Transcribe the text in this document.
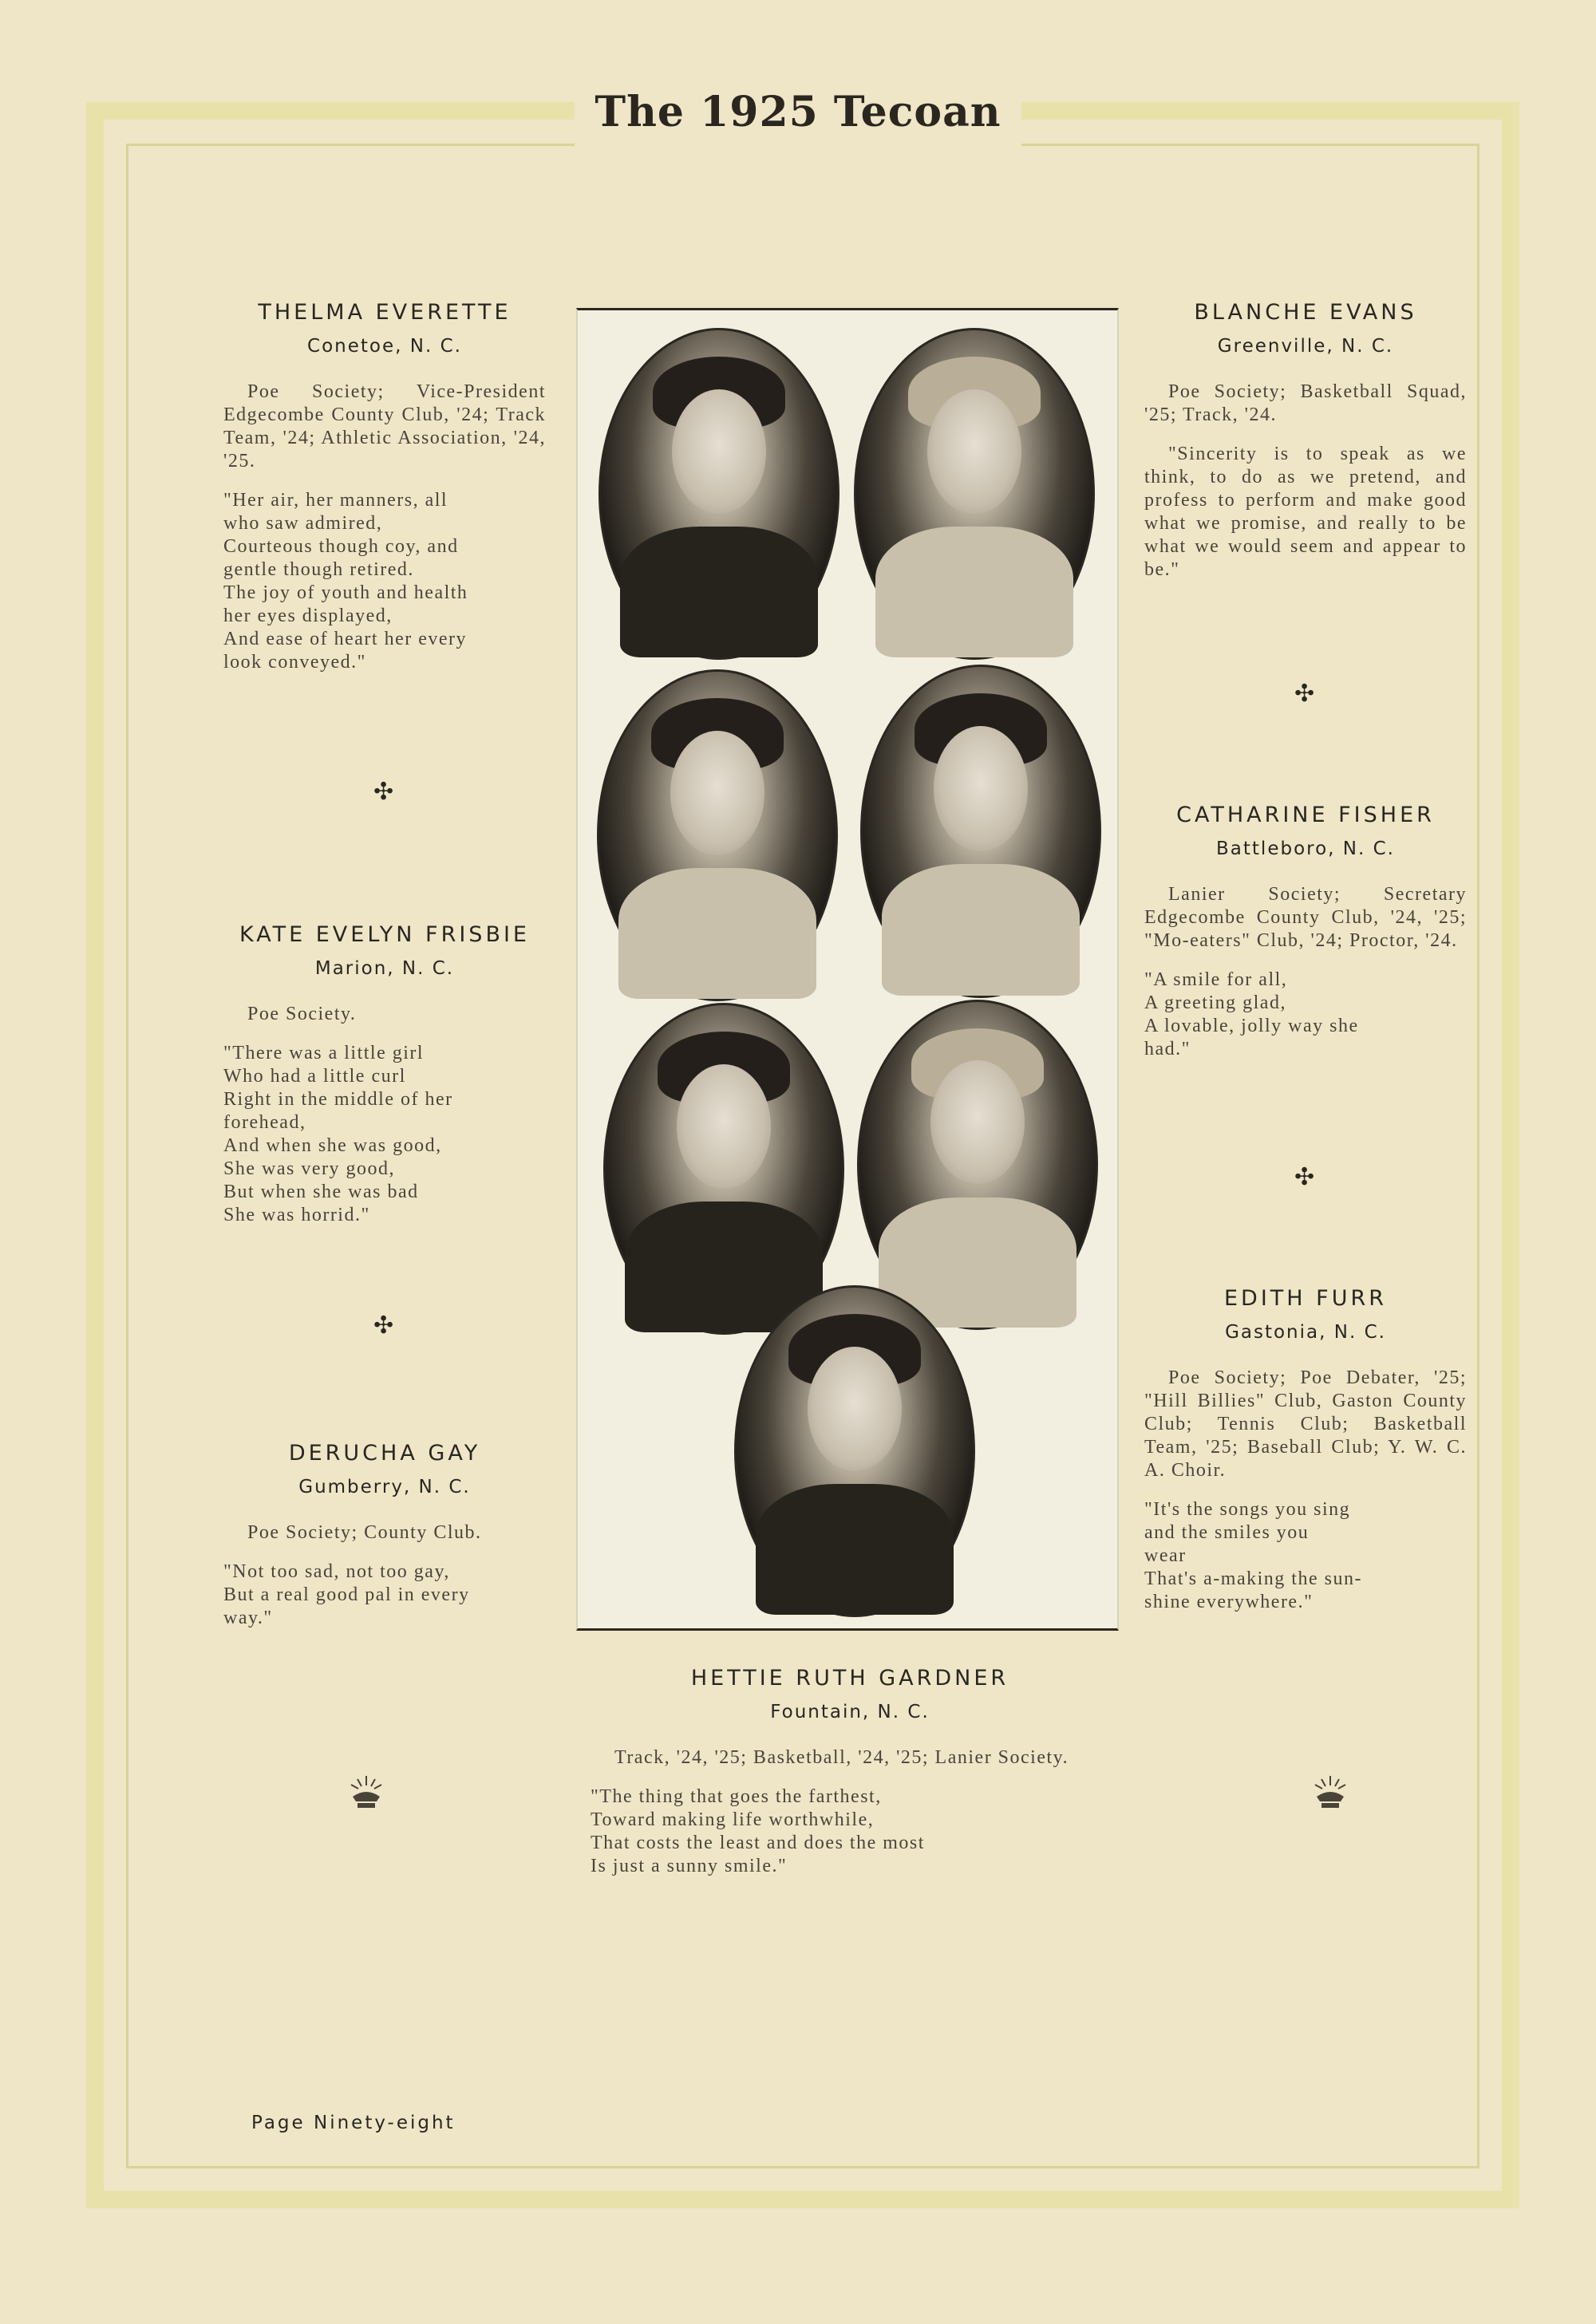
The 1925 Tecoan

THELMA EVERETTE

Conetoe, N. C.

Poe Society; Vice-President Edgecombe County Club, '24; Track Team, '24; Athletic Association, '24, '25.

"Her air, her manners, all
who saw admired,
Courteous though coy, and
gentle though retired.
The joy of youth and health
her eyes displayed,
And ease of heart her every
look conveyed."

✣

KATE EVELYN FRISBIE

Marion, N. C.

Poe Society.

"There was a little girl
Who had a little curl
Right in the middle of her
forehead,
And when she was good,
She was very good,
But when she was bad
She was horrid."

✣

DERUCHA GAY

Gumberry, N. C.

Poe Society; County Club.

"Not too sad, not too gay,
But a real good pal in every
way."

BLANCHE EVANS

Greenville, N. C.

Poe Society; Basketball Squad, '25; Track, '24.

"Sincerity is to speak as we think, to do as we pretend, and profess to perform and make good what we promise, and really to be what we would seem and appear to be."

✣

CATHARINE FISHER

Battleboro, N. C.

Lanier Society; Secretary Edgecombe County Club, '24, '25; "Mo-eaters" Club, '24; Proctor, '24.

"A smile for all,
A greeting glad,
A lovable, jolly way she
had."

✣

EDITH FURR

Gastonia, N. C.

Poe Society; Poe Debater, '25; "Hill Billies" Club, Gaston County Club; Tennis Club; Basketball Team, '25; Baseball Club; Y. W. C. A. Choir.

"It's the songs you sing
and the smiles you
wear
That's a-making the sun-
shine everywhere."

HETTIE RUTH GARDNER

Fountain, N. C.

Track, '24, '25; Basketball, '24, '25; Lanier Society.

"The thing that goes the farthest,
Toward making life worthwhile,
That costs the least and does the most
Is just a sunny smile."

Page Ninety-eight
